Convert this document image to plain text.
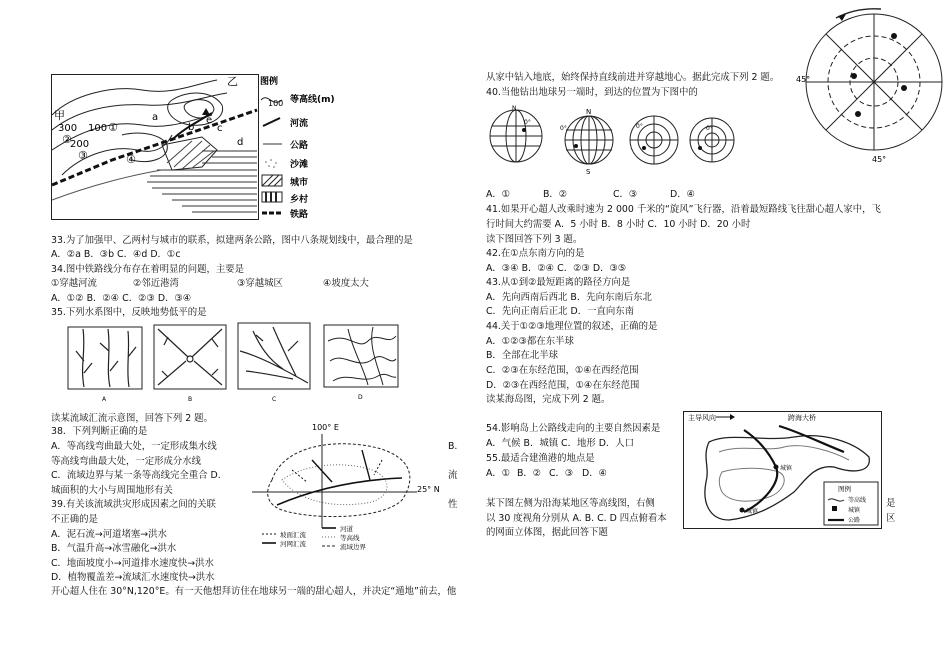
甲
乙
300 100
200
①
②
③	④
a
b
e
c
d
图例
100 等高线(m)
河流
公路
沙滩
城市
乡村
铁路
33.为了加强甲、乙两村与城市的联系，拟建两条公路，图中八条规划线中，最合理的是
A．②a B．③b C．④d D．①c
34.图中铁路线分布存在着明显的问题，主要是
①穿越河流	②邻近港湾	③穿越城区	④坡度太大
A．①② B．②④ C．②③ D．③④
35.下列水系图中，反映地势低平的是
A	B	C	D
读某流域汇流示意图，回答下列 2 题。
38．下列判断正确的是
A．等高线弯曲最大处，一定形成集水线	B.
等高线弯曲最大处，一定形成分水线
C．流域边界与某一条等高线完全重合 D.	流
城面积的大小与周围地形有关
39.有关该流域洪灾形成因素之间的关联	性
不正确的是
A．泥石流→河道堵塞→洪水
B．气温升高→冰雪融化→洪水
C．地面坡度小→河道排水速度快→洪水
D．植物覆盖差→流域汇水速度快→洪水
开心超人住在 30°N,120°E。有一天他想拜访住在地球另一端的甜心超人，并决定“遁地”前去，他
100° E
25° N
坡面汇流
河网汇流
河道
等高线
流域边界
从家中钻入地底，始终保持直线前进并穿越地心。据此完成下列 2 题。
40.当他钻出地球另一端时，到达的位置为下图中的
N	N
S
0°
0°
0°	0°
A．①	B．②	C．③	D．④
41.如果开心超人改乘时速为 2 000 千米的“旋风”飞行器，沿着最短路线飞往甜心超人家中，飞
行时间大约需要 A．5 小时 B．8 小时 C．10 小时 D．20 小时
读下图回答下列 3 题。
42.在①点东南方向的是
A．③④ B．②④ C．②③ D．③⑤
43.从①到②最短距离的路径方向是
A．先向西南后西北 B．先向东南后东北
C．先向正南后正北 D．一直向东南
44.关于①②③地理位置的叙述，正确的是
A．①②③都在东半球
B．全部在北半球
C．②③在东经范围，①④在西经范围
D．②③在西经范围，①④在东经范围
读某海岛图，完成下列 2 题。
54.影响岛上公路线走向的主要自然因素是
A．气候 B．城镇 C．地形 D．人口
55.最适合建渔港的地点是
A．① B．② C．③ D．④
某下图左侧为沿海某地区等高线图，右侧	是
以 30 度视角分别从 A. B. C. D 四点俯看本	区
的网面立体图，据此回答下题
45°
45°
主导风向	跨海大桥
城镇
城镇
图例
等高线
城镇
公路
